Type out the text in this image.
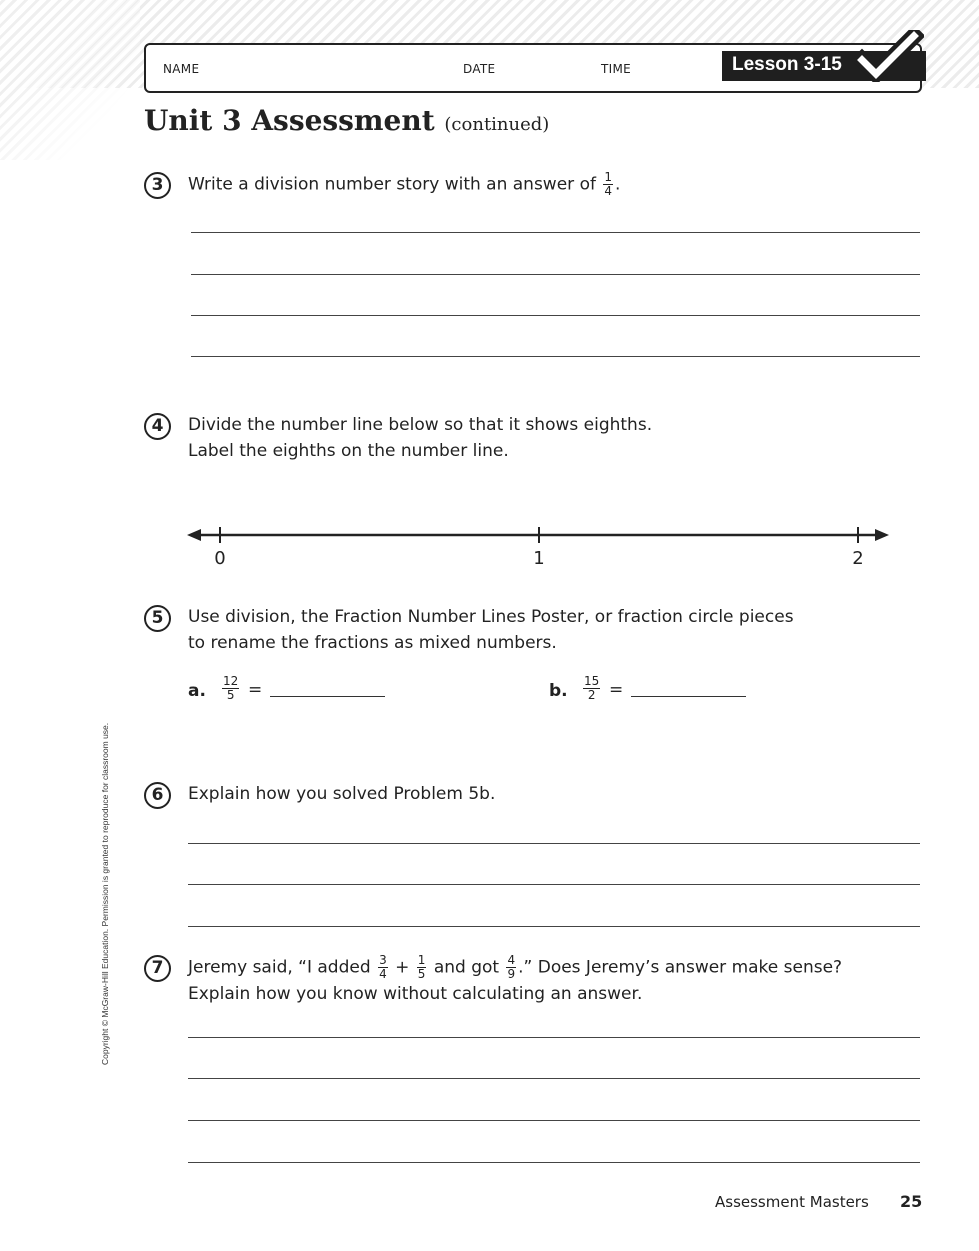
NAME	DATE	TIME	Lesson 3-15
Unit 3 Assessment (continued)
3	Write a division number story with an answer of $\frac{1}{4}$ .
4	Divide the number line below so that it shows eighths.
Label the eighths on the number line.
0	1	2
5	Use division, the Fraction Number Lines Poster, or fraction circle pieces
to rename the fractions as mixed numbers.
a. $\frac{12}{5}$ =	b. $\frac{15}{2}$ =
6	Explain how you solved Problem 5b.
7	Jeremy said, “I added $\frac{3}{4} + \frac{1}{5}$ and got $\frac{4}{9}$ .” Does Jeremy’s answer make sense?
Explain how you know without calculating an answer.
Copyright © McGraw-Hill Education. Permission is granted to reproduce for classroom use.
Assessment Masters 25
